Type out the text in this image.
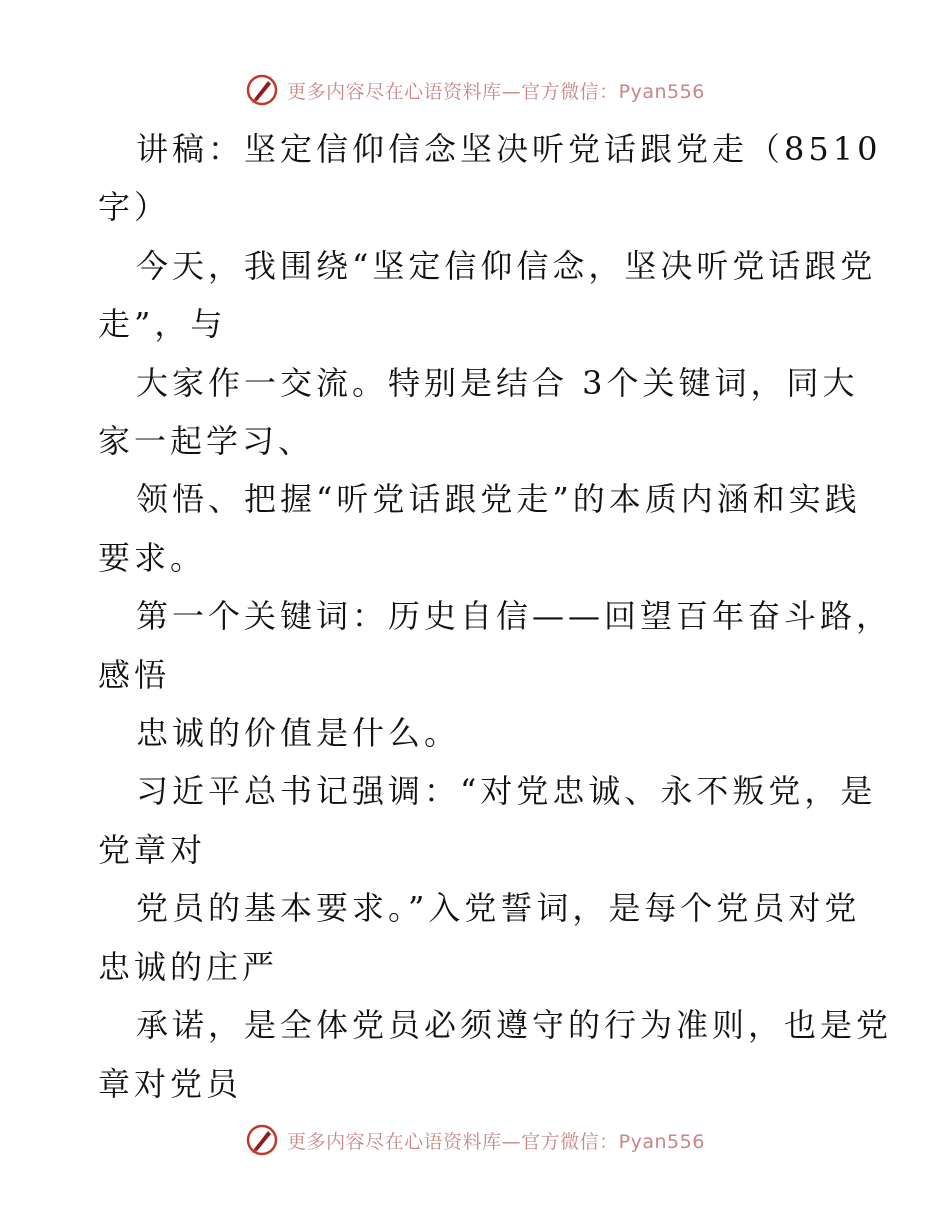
更多内容尽在心语资料库—官方微信：Pyan556

讲稿：坚定信仰信念坚决听党话跟党走（8510

字）

今天，我围绕“坚定信仰信念，坚决听党话跟党

走”，与

大家作一交流。特别是结合 3个关键词，同大

家一起学习、

领悟、把握“听党话跟党走”的本质内涵和实践

要求。

第一个关键词：历史自信——回望百年奋斗路，

感悟

忠诚的价值是什么。

习近平总书记强调：“对党忠诚、永不叛党，是

党章对

党员的基本要求。”入党誓词，是每个党员对党

忠诚的庄严

承诺，是全体党员必须遵守的行为准则，也是党

章对党员

更多内容尽在心语资料库—官方微信：Pyan556
